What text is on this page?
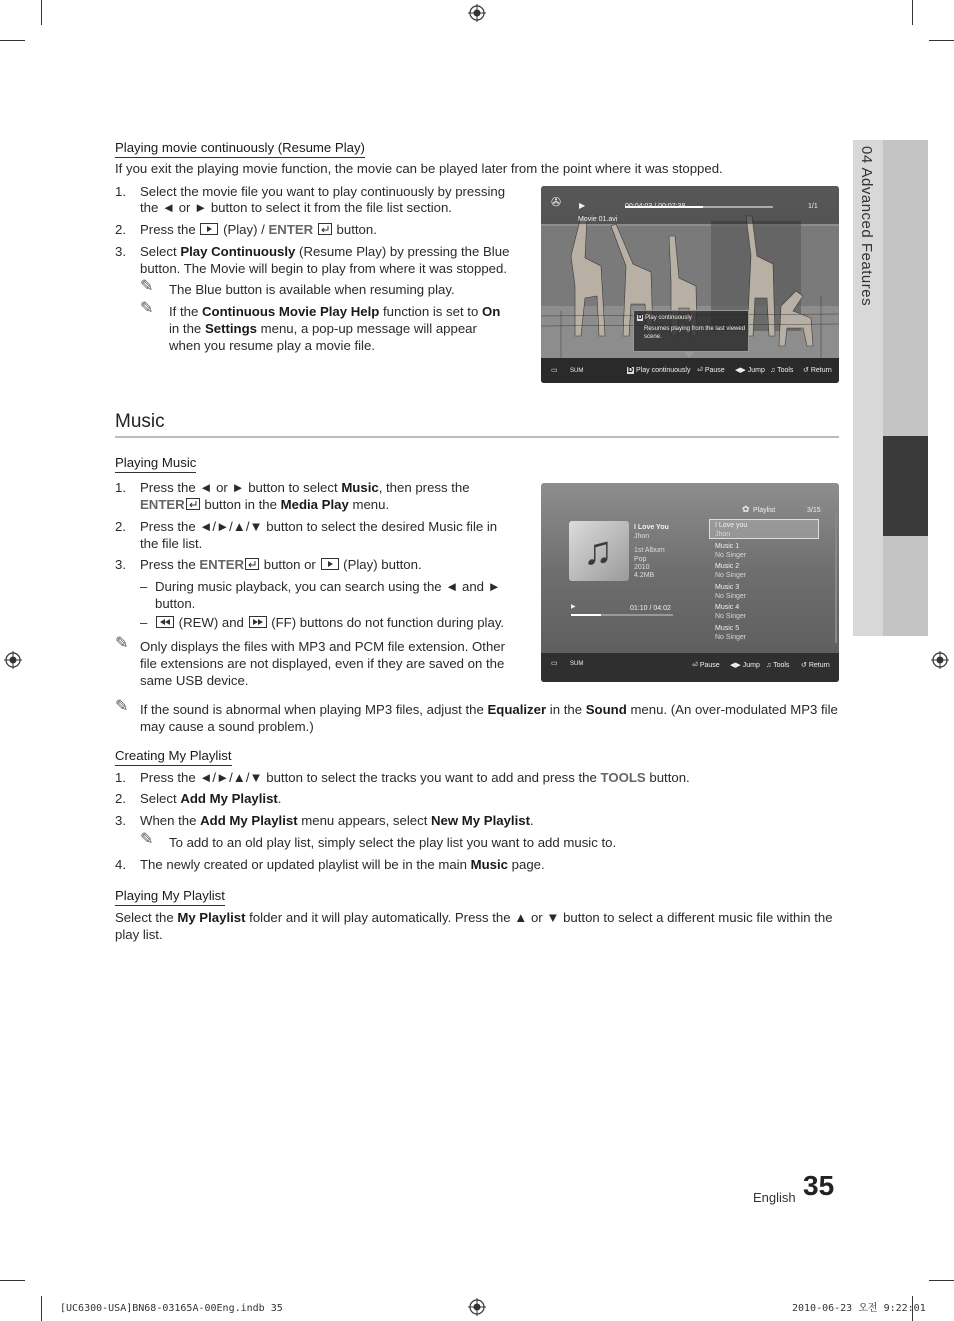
04 Advanced Features
Playing movie continuously (Resume Play)
If you exit the playing movie function, the movie can be played later from the point where it was stopped.
1. Select the movie file you want to play continuously by pressing
the ◄ or ► button to select it from the file list section.
2. Press the (Play) / ENTER button.
3. Select Play Continuously (Resume Play) by pressing the Blue
button. The Movie will begin to play from where it was stopped.
✎ The Blue button is available when resuming play.
✎ If the Continuous Movie Play Help function is set to On
in the Settings menu, a pop-up message will appear
when you resume play a movie file.
✇ ▶	00:04:03 / 00:07:38	1/1
Movie 01.avi
D Play continuously
Resumes playing from the last viewed
scene.
▭ SUM	D Play continuously ⏎ Pause ◀▶ Jump ♫ Tools ↺ Return
Music
Playing Music
1. Press the ◄ or ► button to select Music, then press the
ENTER button in the Media Play menu.
2. Press the ◄/►/▲/▼ button to select the desired Music file in
the file list.
3. Press the ENTER button or (Play) button.
– During music playback, you can search using the ◄ and ►
button.
–	(REW) and (FF) buttons do not function during play.
✎ Only displays the files with MP3 and PCM file extension. Other
file extensions are not displayed, even if they are saved on the
same USB device.
✎ If the sound is abnormal when playing MP3 files, adjust the Equalizer in the Sound menu. (An over-modulated MP3 file
may cause a sound problem.)
♫
I Love You
Jhon
1st Album
Pop
2010
4.2MB
▶	01:10 / 04:02
✿ Playlist	3/15
I Love you
Jhon
Music 1
No Singer
Music 2
No Singer
Music 3
No Singer
Music 4
No Singer
Music 5
No Singer
▭ SUM	⏎ Pause ◀▶ Jump ♫ Tools ↺ Return
Creating My Playlist
1. Press the ◄/►/▲/▼ button to select the tracks you want to add and press the TOOLS button.
2. Select Add My Playlist.
3. When the Add My Playlist menu appears, select New My Playlist.
✎ To add to an old play list, simply select the play list you want to add music to.
4. The newly created or updated playlist will be in the main Music page.
Playing My Playlist
Select the My Playlist folder and it will play automatically. Press the ▲ or ▼ button to select a different music file within the
play list.
English 35
[UC6300-USA]BN68-03165A-00Eng.indb 35	2010-06-23 오전 9:22:01
